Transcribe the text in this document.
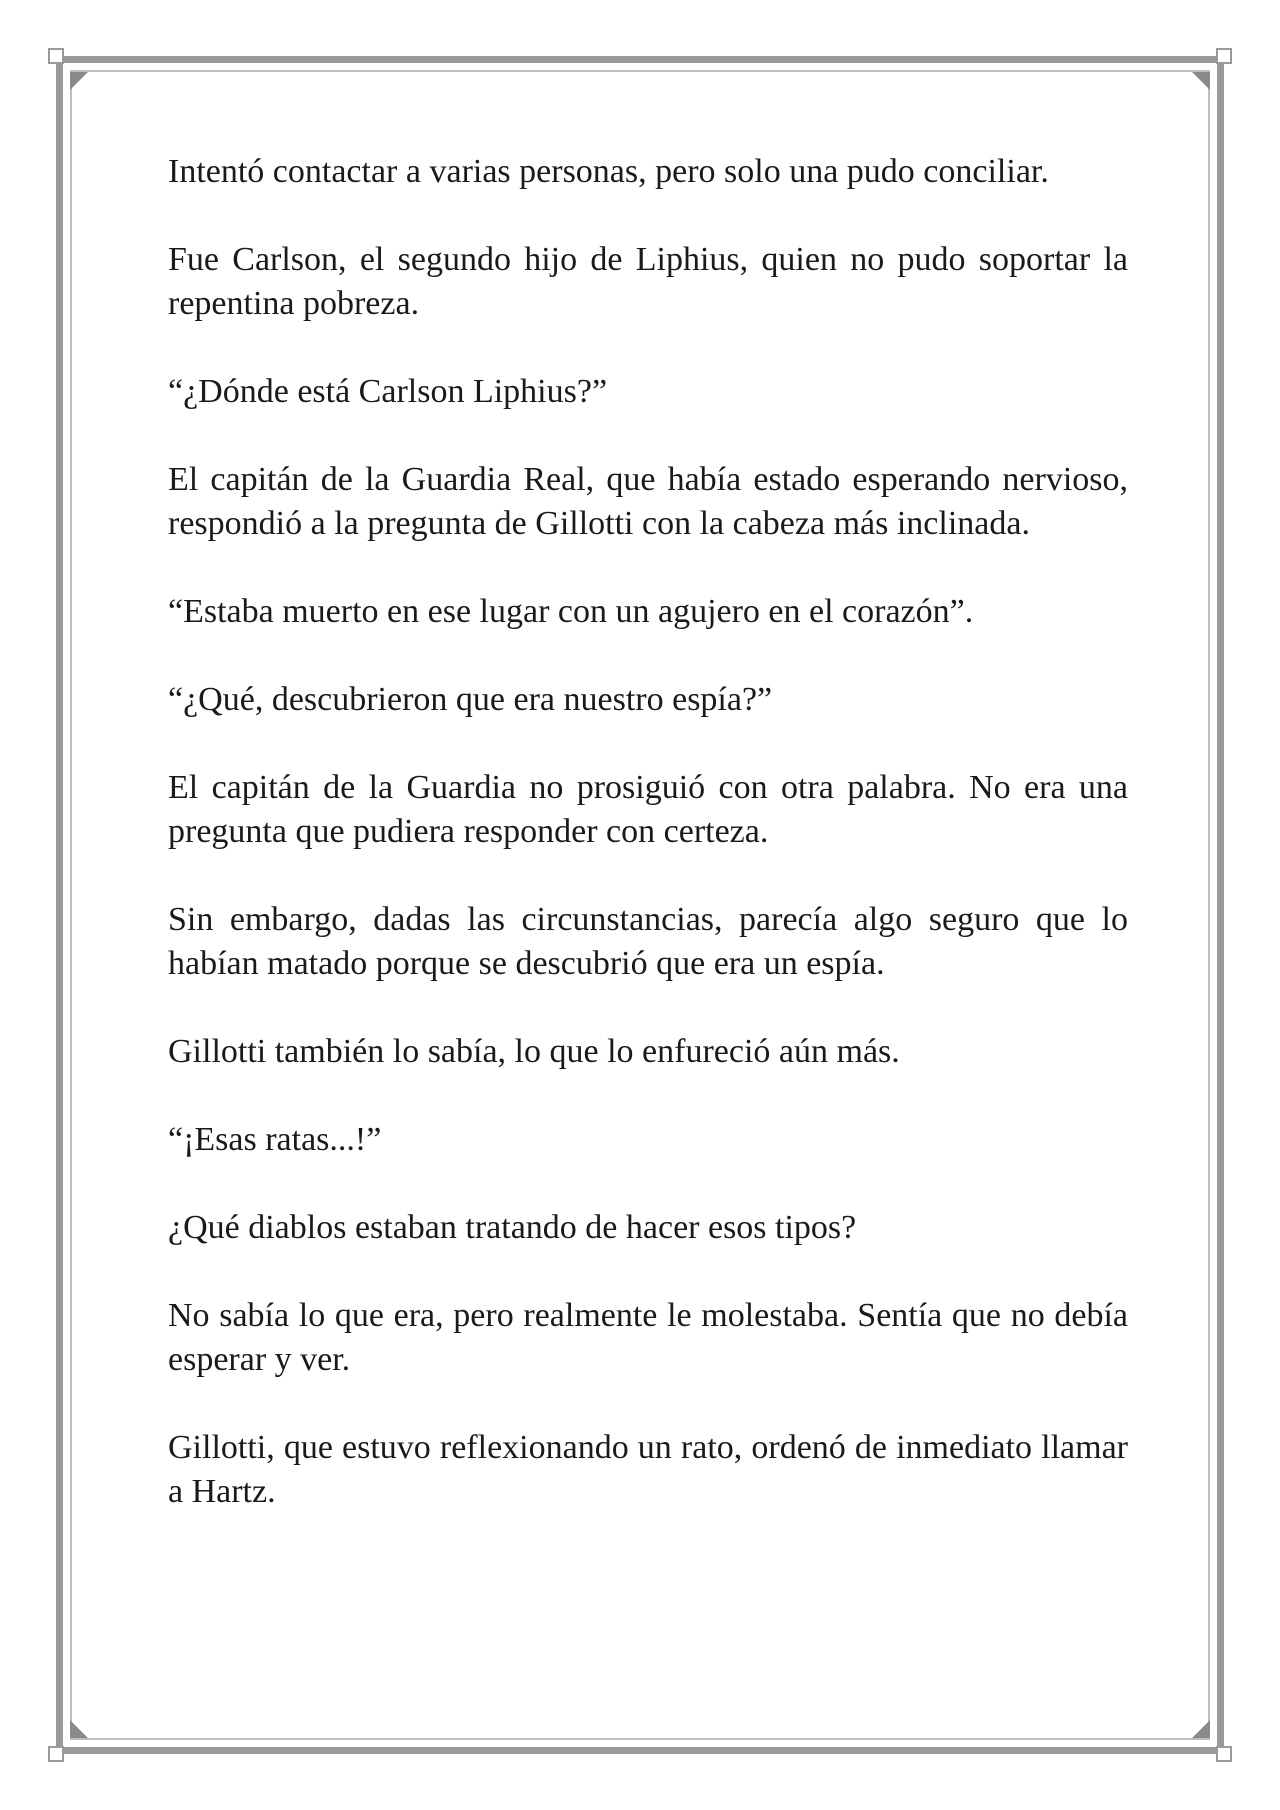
Intentó contactar a varias personas, pero solo una pudo conciliar.

Fue Carlson, el segundo hijo de Liphius, quien no pudo soportar la repentina pobreza.

“¿Dónde está Carlson Liphius?”

El capitán de la Guardia Real, que había estado esperando nervioso, respondió a la pregunta de Gillotti con la cabeza más inclinada.

“Estaba muerto en ese lugar con un agujero en el corazón”.

“¿Qué, descubrieron que era nuestro espía?”

El capitán de la Guardia no prosiguió con otra palabra. No era una pregunta que pudiera responder con certeza.

Sin embargo, dadas las circunstancias, parecía algo seguro que lo habían matado porque se descubrió que era un espía.

Gillotti también lo sabía, lo que lo enfureció aún más.

“¡Esas ratas...!”

¿Qué diablos estaban tratando de hacer esos tipos?

No sabía lo que era, pero realmente le molestaba. Sentía que no debía esperar y ver.

Gillotti, que estuvo reflexionando un rato, ordenó de inmediato llamar a Hartz.
